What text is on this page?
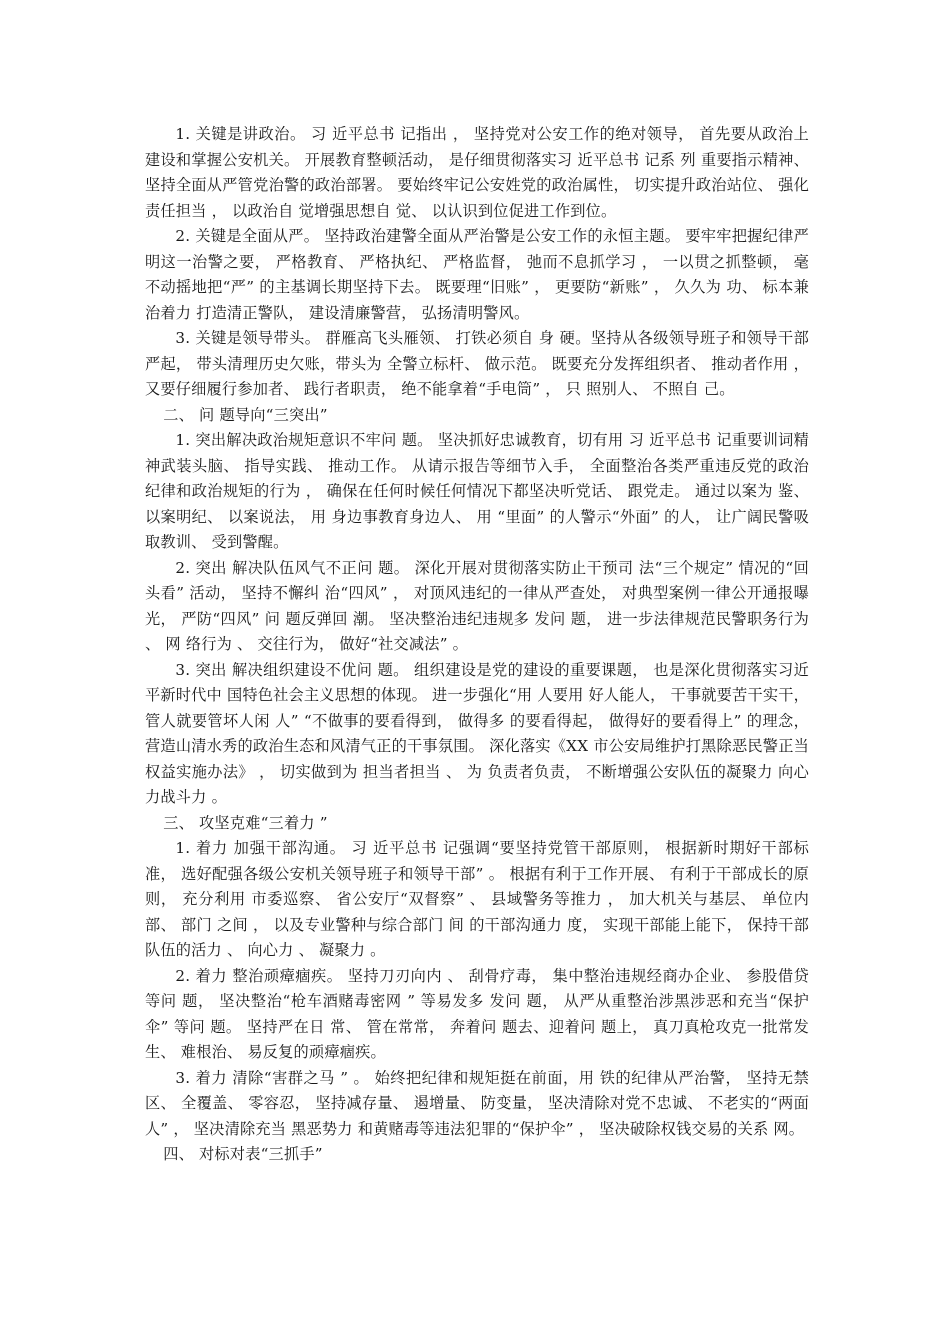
1. 关键是讲政治。 习 近平总书 记指出 ， 坚持党对公安工作的绝对领导， 首先要从政治上建设和掌握公安机关。 开展教育整顿活动， 是仔细贯彻落实习 近平总书 记系 列 重要指示精神、 坚持全面从严管党治警的政治部署。 要始终牢记公安姓党的政治属性， 切实提升政治站位、 强化责任担当 ， 以政治自 觉增强思想自 觉、 以认识到位促进工作到位。

2. 关键是全面从严。 坚持政治建警全面从严治警是公安工作的永恒主题。 要牢牢把握纪律严明这一治警之要， 严格教育、 严格执纪、 严格监督， 弛而不息抓学习 ， 一以贯之抓整顿， 毫不动摇地把“严” 的主基调长期坚持下去。 既要理“旧账” ， 更要防“新账” ， 久久为 功、 标本兼治着力 打造清正警队， 建设清廉警营， 弘扬清明警风。

3. 关键是领导带头。 群雁高飞头雁领、 打铁必须自 身 硬。坚持从各级领导班子和领导干部严起， 带头清理历史欠账，带头为 全警立标杆、 做示范。 既要充分发挥组织者、 推动者作用 ， 又要仔细履行参加者、 践行者职责， 绝不能拿着“手电筒” ， 只 照别人、 不照自 己。

二、 问 题导向“三突出”

1. 突出解决政治规矩意识不牢问 题。 坚决抓好忠诚教育，切有用 习 近平总书 记重要训词精神武装头脑、 指导实践、 推动工作。 从请示报告等细节入手， 全面整治各类严重违反党的政治纪律和政治规矩的行为 ， 确保在任何时候任何情况下都坚决听党话、 跟党走。 通过以案为 鉴、 以案明纪、 以案说法， 用 身边事教育身边人、 用 “里面” 的人警示“外面” 的人， 让广阔民警吸取教训、 受到警醒。

2. 突出 解决队伍风气不正问 题。 深化开展对贯彻落实防止干预司 法“三个规定” 情况的“回 头看” 活动， 坚持不懈纠 治“四风” ， 对顶风违纪的一律从严查处， 对典型案例一律公开通报曝光， 严防“四风” 问 题反弹回 潮。 坚决整治违纪违规多 发问 题， 进一步法律规范民警职务行为 、 网 络行为 、 交往行为， 做好“社交减法” 。

3. 突出 解决组织建设不优问 题。 组织建设是党的建设的重要课题， 也是深化贯彻落实习近平新时代中 国特色社会主义思想的体现。 进一步强化“用 人要用 好人能人， 干事就要苦干实干， 管人就要管坏人闲 人” “不做事的要看得到， 做得多 的要看得起， 做得好的要看得上” 的理念， 营造山清水秀的政治生态和风清气正的干事氛围。 深化落实《XX 市公安局维护打黑除恶民警正当 权益实施办法》 ， 切实做到为 担当者担当 、 为 负责者负责， 不断增强公安队伍的凝聚力 向心力战斗力 。

三、 攻坚克难“三着力 ”

1. 着力 加强干部沟通。 习 近平总书 记强调“要坚持党管干部原则， 根据新时期好干部标准， 选好配强各级公安机关领导班子和领导干部” 。 根据有利于工作开展、 有利于干部成长的原则， 充分利用 市委巡察、 省公安厅“双督察” 、 县域警务等推力 ， 加大机关与基层、 单位内 部、 部门 之间 ， 以及专业警种与综合部门 间 的干部沟通力 度， 实现干部能上能下， 保持干部队伍的活力 、 向心力 、 凝聚力 。

2. 着力 整治顽瘴痼疾。 坚持刀刃向内 、 刮骨疗毒， 集中整治违规经商办企业、 参股借贷等问 题， 坚决整治“枪车酒赌毒密网 ” 等易发多 发问 题， 从严从重整治涉黑涉恶和充当“保护伞” 等问 题。 坚持严在日 常、 管在常常， 奔着问 题去、迎着问 题上， 真刀真枪攻克一批常发生、 难根治、 易反复的顽瘴痼疾。

3. 着力 清除“害群之马 ” 。 始终把纪律和规矩挺在前面，用 铁的纪律从严治警， 坚持无禁区、 全覆盖、 零容忍， 坚持减存量、 遏增量、 防变量， 坚决清除对党不忠诚、 不老实的“两面人” ， 坚决清除充当 黑恶势力 和黄赌毒等违法犯罪的“保护伞” ， 坚决破除权钱交易的关系 网。

四、 对标对表“三抓手”
